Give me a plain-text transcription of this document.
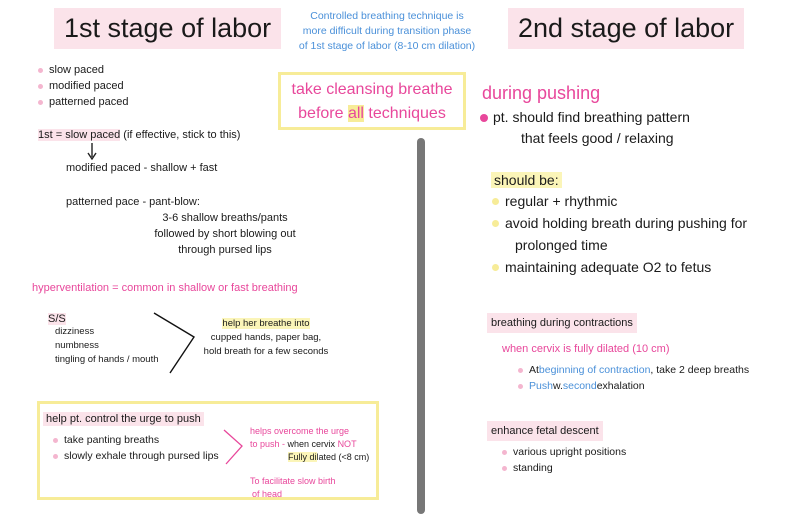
1st stage of labor
slow paced
modified paced
patterned paced
1st = slow paced (if effective, stick to this)
modified paced - shallow + fast
patterned pace - pant-blow:
3-6 shallow breaths/pants
followed by short blowing out
through pursed lips
hyperventilation = common in shallow or fast breathing
S/S
dizziness
numbness
tingling of hands / mouth
help her breathe into
cupped hands, paper bag,
hold breath for a few seconds
help pt. control the urge to push
take panting breaths
slowly exhale through pursed lips
helps overcome the urge
to push - when cervix NOT
Fully dilated (<8 cm)
To facilitate slow birth
of head
Controlled breathing technique is
more difficult during transition phase
of 1st stage of labor (8-10 cm dilation)
take cleansing breathe
before all techniques
2nd stage of labor
during pushing
pt. should find breathing pattern
that feels good / relaxing
should be:
regular + rhythmic
avoid holding breath during pushing for
prolonged time
maintaining adequate O2 to fetus
breathing during contractions
when cervix is fully dilated (10 cm)
At beginning of contraction , take 2 deep breaths
Push w. second exhalation
enhance fetal descent
various upright positions
standing
